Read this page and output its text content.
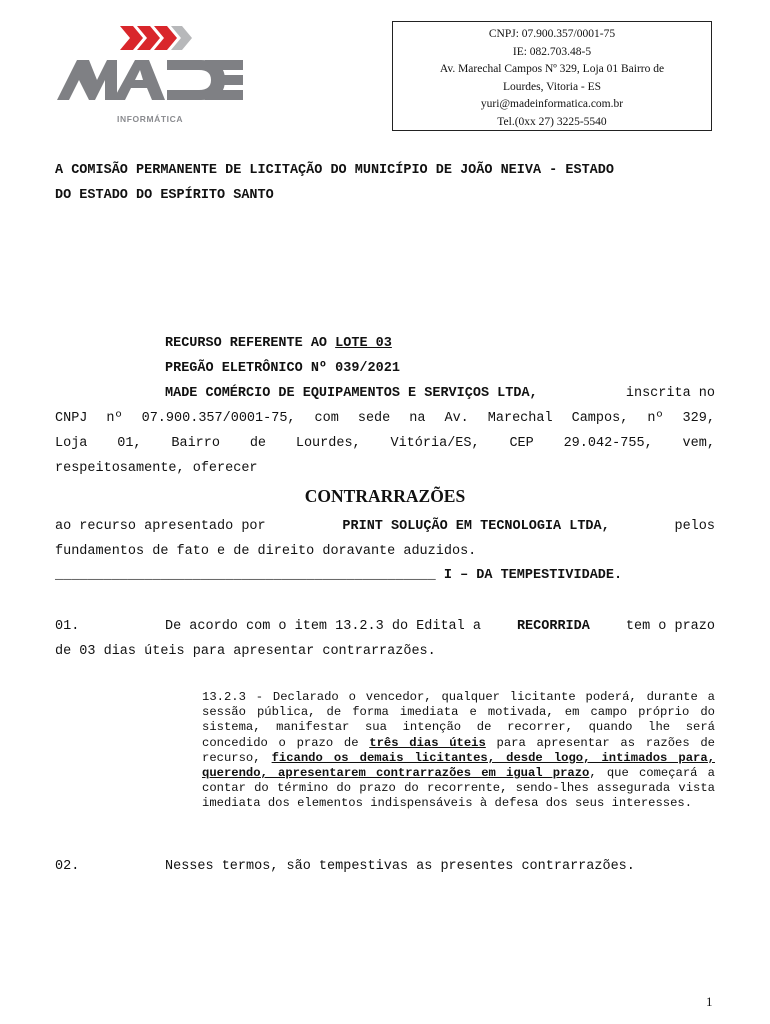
INFORMÁTICA
CNPJ: 07.900.357/0001-75
IE: 082.703.48-5
Av. Marechal Campos Nº 329, Loja 01 Bairro de
Lourdes, Vitoria - ES
yuri@madeinformatica.com.br
Tel.(0xx 27) 3225-5540
A COMISÃO PERMANENTE DE LICITAÇÃO DO MUNICÍPIO DE JOÃO NEIVA - ESTADO
DO ESTADO DO ESPÍRITO SANTO
RECURSO REFERENTE AO LOTE 03
PREGÃO ELETRÔNICO Nº 039/2021
MADE COMÉRCIO DE EQUIPAMENTOS E SERVIÇOS LTDA,	inscrita no
CNPJ nº 07.900.357/0001-75, com sede na Av. Marechal Campos, nº 329,
Loja 01, Bairro de Lourdes, Vitória/ES, CEP 29.042-755, vem,
respeitosamente, oferecer
CONTRARRAZÕES
ao recurso apresentado por	PRINT SOLUÇÃO EM TECNOLOGIA LTDA,	pelos
fundamentos de fato e de direito doravante aduzidos.
_______________________________________________ I – DA TEMPESTIVIDADE.
01.	De acordo com o item 13.2.3 do Edital a	RECORRIDA	tem o prazo
de 03 dias úteis para apresentar contrarrazões.
13.2.3 - Declarado o vencedor, qualquer licitante poderá, durante a sessão pública, de forma imediata e motivada, em campo próprio do sistema, manifestar sua intenção de recorrer, quando lhe será concedido o prazo de três dias úteis para apresentar as razões de recurso, ficando os demais licitantes, desde logo, intimados para, querendo, apresentarem contrarrazões em igual prazo, que começará a contar do término do prazo do recorrente, sendo-lhes assegurada vista imediata dos elementos indispensáveis à defesa dos seus interesses.
02.	Nesses termos, são tempestivas as presentes contrarrazões.
1
